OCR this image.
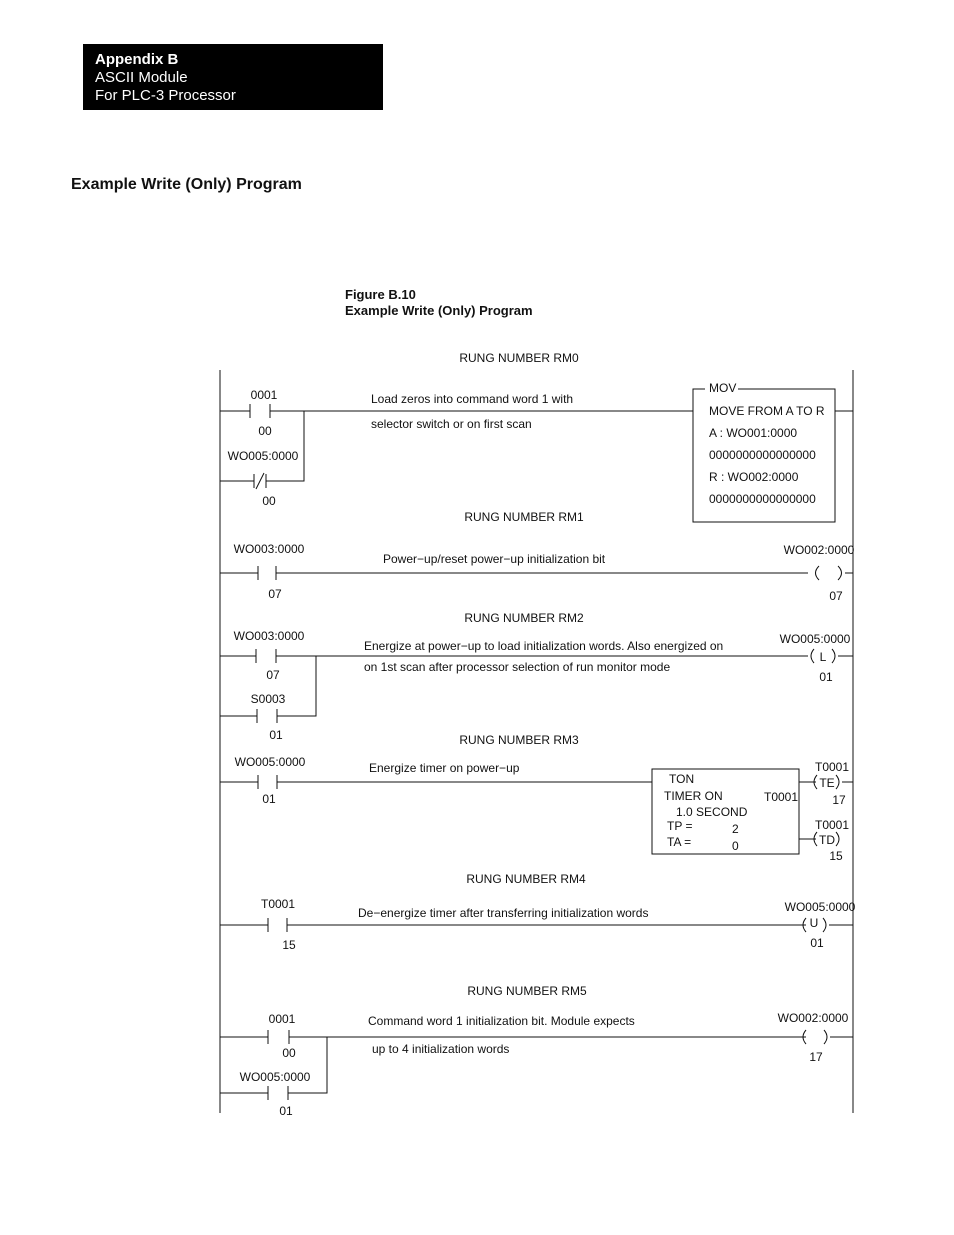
Appendix B
ASCII Module
For PLC-3 Processor
Example Write (Only) Program
Figure B.10
Example Write (Only) Program
RUNG NUMBER RM0
Load zeros into command word 1 with
selector switch or on first scan
0001
00
WO005:0000
00
MOV
MOVE FROM A TO R
A : WO001:0000
0000000000000000
R : WO002:0000
0000000000000000
RUNG NUMBER RM1
Power−up/reset power−up initialization bit
WO003:0000
07
WO002:0000
07
RUNG NUMBER RM2
Energize at power−up to load initialization words. Also energized on
on 1st scan after processor selection of run monitor mode
WO003:0000
07
S0003
01
WO005:0000
L
01
RUNG NUMBER RM3
Energize timer on power−up
WO005:0000
01
TON
TIMER ON	T0001
1.0 SECOND
TP =	2
TA =	0
T0001
TE
17
T0001
TD
15
RUNG NUMBER RM4
De−energize timer after transferring initialization words
T0001
15
WO005:0000
U
01
RUNG NUMBER RM5
Command word 1 initialization bit. Module expects
up to 4 initialization words
0001
00
WO005:0000
01
WO002:0000
17
